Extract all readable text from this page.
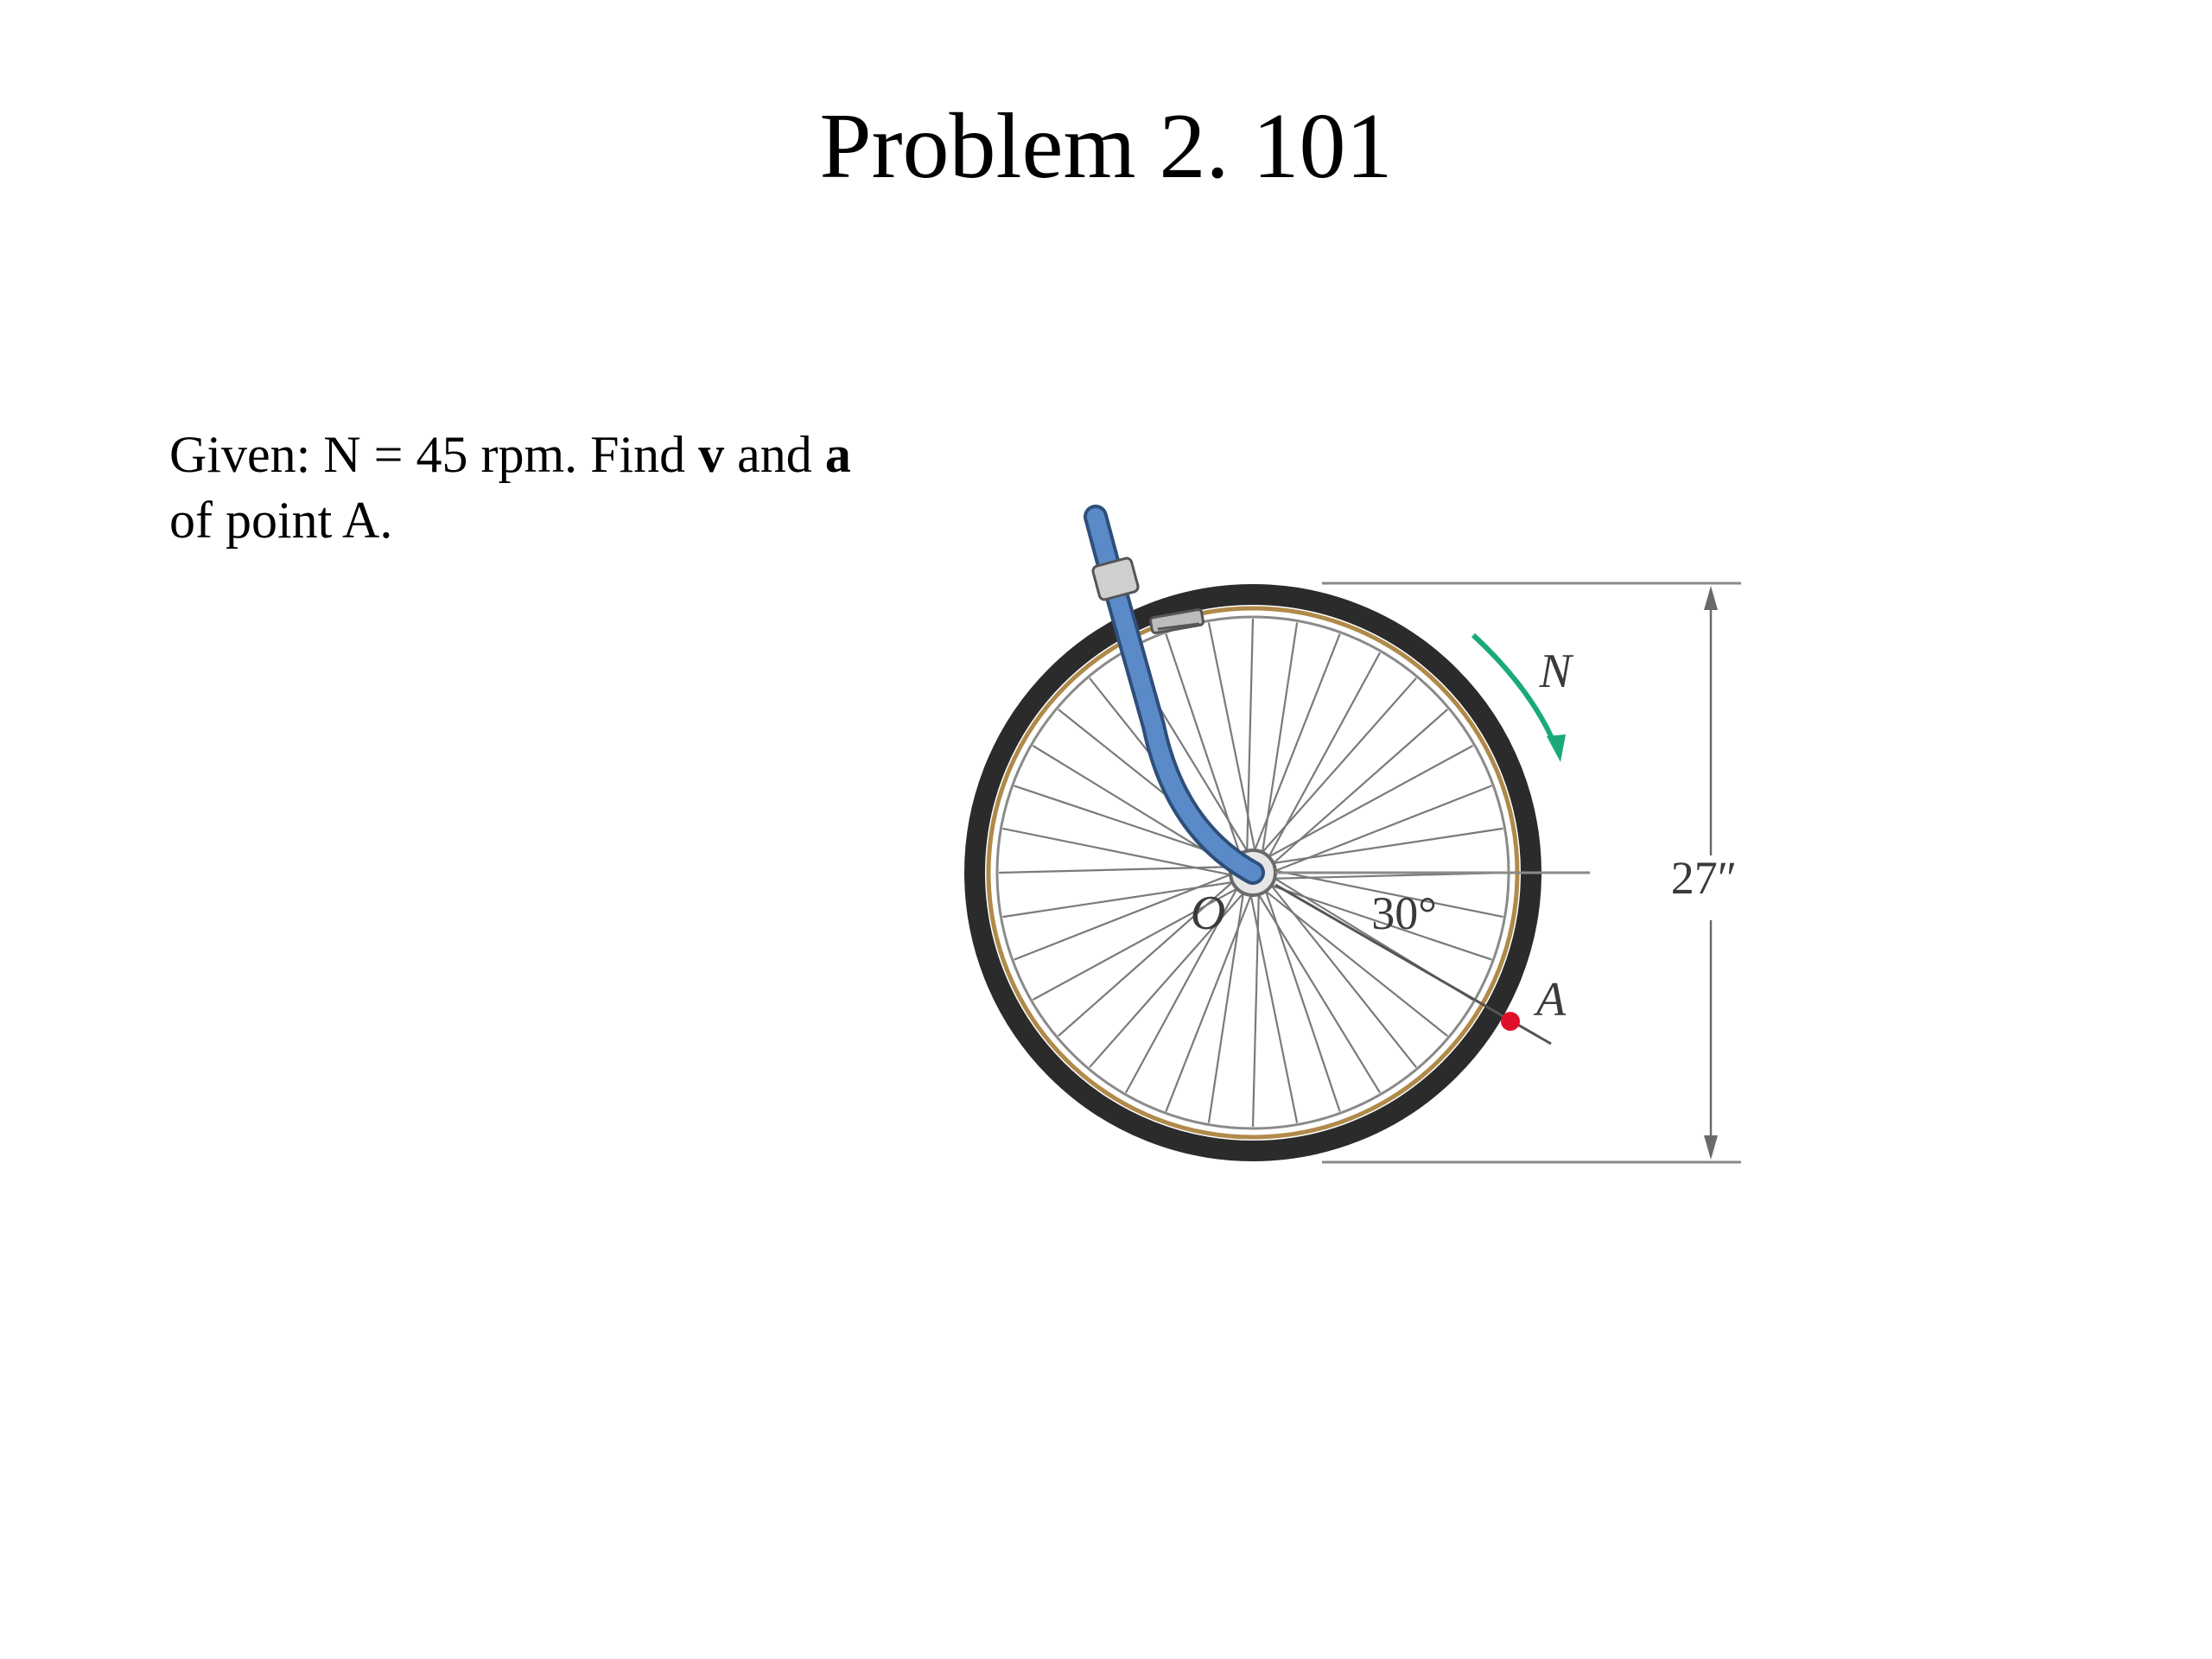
Problem 2. 101
Given: N = 45 rpm. Find v and a
of point A.
27″
N
O	30°
A
